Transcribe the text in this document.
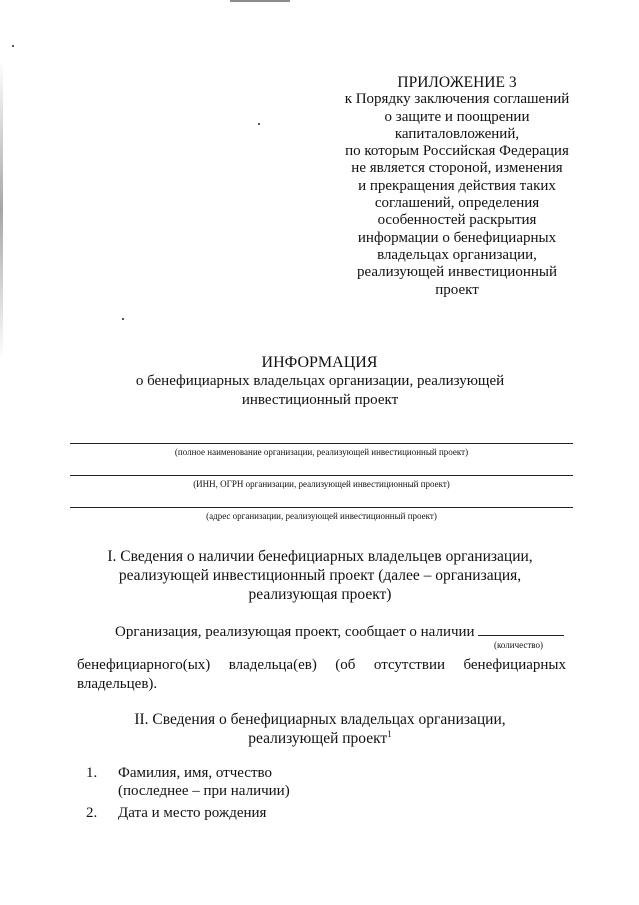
ПРИЛОЖЕНИЕ 3
к Порядку заключения соглашений
о защите и поощрении
капиталовложений,
по которым Российская Федерация
не является стороной, изменения
и прекращения действия таких
соглашений, определения
особенностей раскрытия
информации о бенефициарных
владельцах организации,
реализующей инвестиционный
проект
ИНФОРМАЦИЯ
о бенефициарных владельцах организации, реализующей
инвестиционный проект
(полное наименование организации, реализующей инвестиционный проект)
(ИНН, ОГРН организации, реализующей инвестиционный проект)
(адрес организации, реализующей инвестиционный проект)
I. Сведения о наличии бенефициарных владельцев организации,
реализующей инвестиционный проект (далее – организация,
реализующая проект)
Организация, реализующая проект, сообщает о наличии
(количество)
бенефициарного(ых) владельца(ев) (об отсутствии бенефициарных
владельцев).
II. Сведения о бенефициарных владельцах организации,
реализующей проект$^1$
1.	Фамилия, имя, отчество
(последнее – при наличии)
2.	Дата и место рождения
